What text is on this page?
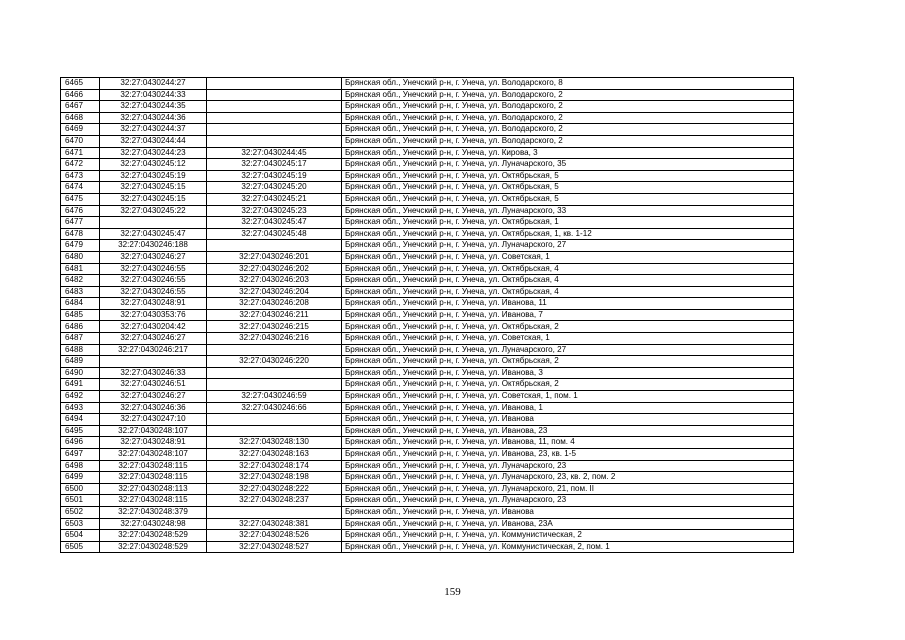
6465	32:27:0430244:27		Брянская обл., Унечский р-н, г. Унеча, ул. Володарского, 8
6466	32:27:0430244:33		Брянская обл., Унечский р-н, г. Унеча, ул. Володарского, 2
6467	32:27:0430244:35		Брянская обл., Унечский р-н, г. Унеча, ул. Володарского, 2
6468	32:27:0430244:36		Брянская обл., Унечский р-н, г. Унеча, ул. Володарского, 2
6469	32:27:0430244:37		Брянская обл., Унечский р-н, г. Унеча, ул. Володарского, 2
6470	32:27:0430244:44		Брянская обл., Унечский р-н, г. Унеча, ул. Володарского, 2
6471	32:27:0430244:23	32:27:0430244:45	Брянская обл., Унечский р-н, г. Унеча, ул. Кирова, 3
6472	32:27:0430245:12	32:27:0430245:17	Брянская обл., Унечский р-н, г. Унеча, ул. Луначарского, 35
6473	32:27:0430245:19	32:27:0430245:19	Брянская обл., Унечский р-н, г. Унеча, ул. Октябрьская, 5
6474	32:27:0430245:15	32:27:0430245:20	Брянская обл., Унечский р-н, г. Унеча, ул. Октябрьская, 5
6475	32:27:0430245:15	32:27:0430245:21	Брянская обл., Унечский р-н, г. Унеча, ул. Октябрьская, 5
6476	32:27:0430245:22	32:27:0430245:23	Брянская обл., Унечский р-н, г. Унеча, ул. Луначарского, 33
6477		32:27:0430245:47	Брянская обл., Унечский р-н, г. Унеча, ул. Октябрьская, 1
6478	32:27:0430245:47	32:27:0430245:48	Брянская обл., Унечский р-н, г. Унеча, ул. Октябрьская, 1, кв. 1-12
6479	32:27:0430246:188		Брянская обл., Унечский р-н, г. Унеча, ул. Луначарского, 27
6480	32:27:0430246:27	32:27:0430246:201	Брянская обл., Унечский р-н, г. Унеча, ул. Советская, 1
6481	32:27:0430246:55	32:27:0430246:202	Брянская обл., Унечский р-н, г. Унеча, ул. Октябрьская, 4
6482	32:27:0430246:55	32:27:0430246:203	Брянская обл., Унечский р-н, г. Унеча, ул. Октябрьская, 4
6483	32:27:0430246:55	32:27:0430246:204	Брянская обл., Унечский р-н, г. Унеча, ул. Октябрьская, 4
6484	32:27:0430248:91	32:27:0430246:208	Брянская обл., Унечский р-н, г. Унеча, ул. Иванова, 11
6485	32:27:0430353:76	32:27:0430246:211	Брянская обл., Унечский р-н, г. Унеча, ул. Иванова, 7
6486	32:27:0430204:42	32:27:0430246:215	Брянская обл., Унечский р-н, г. Унеча, ул. Октябрьская, 2
6487	32:27:0430246:27	32:27:0430246:216	Брянская обл., Унечский р-н, г. Унеча, ул. Советская, 1
6488	32:27:0430246:217		Брянская обл., Унечский р-н, г. Унеча, ул. Луначарского, 27
6489		32:27:0430246:220	Брянская обл., Унечский р-н, г. Унеча, ул. Октябрьская, 2
6490	32:27:0430246:33		Брянская обл., Унечский р-н, г. Унеча, ул. Иванова, 3
6491	32:27:0430246:51		Брянская обл., Унечский р-н, г. Унеча, ул. Октябрьская, 2
6492	32:27:0430246:27	32:27:0430246:59	Брянская обл., Унечский р-н, г. Унеча, ул. Советская, 1, пом. 1
6493	32:27:0430246:36	32:27:0430246:66	Брянская обл., Унечский р-н, г. Унеча, ул. Иванова, 1
6494	32:27:0430247:10		Брянская обл., Унечский р-н, г. Унеча, ул. Иванова
6495	32:27:0430248:107		Брянская обл., Унечский р-н, г. Унеча, ул. Иванова, 23
6496	32:27:0430248:91	32:27:0430248:130	Брянская обл., Унечский р-н, г. Унеча, ул. Иванова, 11, пом. 4
6497	32:27:0430248:107	32:27:0430248:163	Брянская обл., Унечский р-н, г. Унеча, ул. Иванова, 23, кв. 1-5
6498	32:27:0430248:115	32:27:0430248:174	Брянская обл., Унечский р-н, г. Унеча, ул. Луначарского, 23
6499	32:27:0430248:115	32:27:0430248:198	Брянская обл., Унечский р-н, г. Унеча, ул. Луначарского, 23, кв. 2, пом. 2
6500	32:27:0430248:113	32:27:0430248:222	Брянская обл., Унечский р-н, г. Унеча, ул. Луначарского, 21, пом. II
6501	32:27:0430248:115	32:27:0430248:237	Брянская обл., Унечский р-н, г. Унеча, ул. Луначарского, 23
6502	32:27:0430248:379		Брянская обл., Унечский р-н, г. Унеча, ул. Иванова
6503	32:27:0430248:98	32:27:0430248:381	Брянская обл., Унечский р-н, г. Унеча, ул. Иванова, 23А
6504	32:27:0430248:529	32:27:0430248:526	Брянская обл., Унечский р-н, г. Унеча, ул. Коммунистическая, 2
6505	32:27:0430248:529	32:27:0430248:527	Брянская обл., Унечский р-н, г. Унеча, ул. Коммунистическая, 2, пом. 1
159
